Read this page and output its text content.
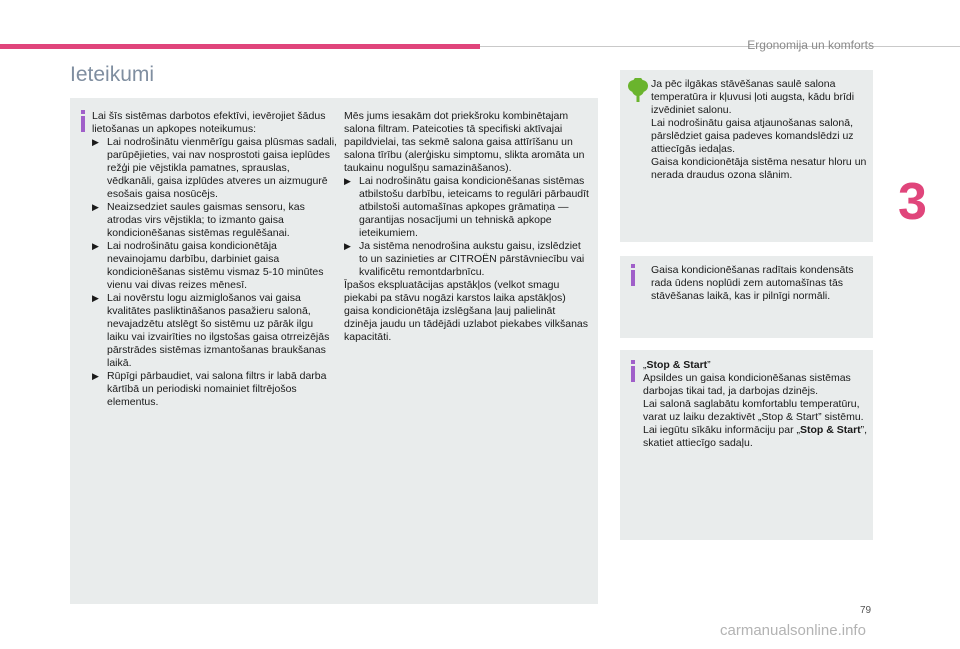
Ergonomija un komforts
Ieteikumi

Lai šīs sistēmas darbotos efektīvi, ievērojiet šādus lietošanas un apkopes noteikumus:

▶ Lai nodrošinātu vienmērīgu gaisa plūsmas sadali, parūpējieties, vai nav nosprostoti gaisa ieplūdes režģi pie vējstikla pamatnes, sprauslas, vēdkanāli, gaisa izplūdes atveres un aizmugurē esošais gaisa nosūcējs.
▶ Neaizsedziet saules gaismas sensoru, kas atrodas virs vējstikla; to izmanto gaisa kondicionēšanas sistēmas regulēšanai.
▶ Lai nodrošinātu gaisa kondicionētāja nevainojamu darbību, darbiniet gaisa kondicionēšanas sistēmu vismaz 5-10 minūtes vienu vai divas reizes mēnesī.
▶ Lai novērstu logu aizmiglošanos vai gaisa kvalitātes pasliktināšanos pasažieru salonā, nevajadzētu atslēgt šo sistēmu uz pārāk ilgu laiku vai izvairīties no ilgstošas gaisa otrreizējās pārstrādes sistēmas izmantošanas braukšanas laikā.
▶ Rūpīgi pārbaudiet, vai salona filtrs ir labā darba kārtībā un periodiski nomainiet filtrējošos elementus.

Mēs jums iesakām dot priekšroku kombinētajam salona filtram. Pateicoties tā specifiski aktīvajai papildvielai, tas sekmē salona gaisa attīrīšanu un salona tīrību (alerģisku simptomu, slikta aromāta un taukainu nogulšņu samazināšanos).

▶ Lai nodrošinātu gaisa kondicionēšanas sistēmas atbilstošu darbību, ieteicams to regulāri pārbaudīt atbilstoši automašīnas apkopes grāmatiņa — garantijas nosacījumi un tehniskā apkope ieteikumiem.
▶ Ja sistēma nenodrošina aukstu gaisu, izslēdziet to un sazinieties ar CITROËN pārstāvniecību vai kvalificētu remontdarbnīcu.

Īpašos ekspluatācijas apstākļos (velkot smagu piekabi pa stāvu nogāzi karstos laika apstākļos) gaisa kondicionētāja izslēgšana ļauj palielināt dzinēja jaudu un tādējādi uzlabot piekabes vilkšanas kapacitāti.

Ja pēc ilgākas stāvēšanas saulē salona temperatūra ir kļuvusi ļoti augsta, kādu brīdi izvēdiniet salonu.

Lai nodrošinātu gaisa atjaunošanas salonā, pārslēdziet gaisa padeves komandslēdzi uz attiecīgās iedaļas.

Gaisa kondicionētāja sistēma nesatur hloru un nerada draudus ozona slānim.

Gaisa kondicionēšanas radītais kondensāts rada ūdens noplūdi zem automašīnas tās stāvēšanas laikā, kas ir pilnīgi normāli.

„Stop & Start”

Apsildes un gaisa kondicionēšanas sistēmas darbojas tikai tad, ja darbojas dzinējs.

Lai salonā saglabātu komfortablu temperatūru, varat uz laiku dezaktivēt „Stop & Start” sistēmu.

Lai iegūtu sīkāku informāciju par „Stop & Start”, skatiet attiecīgo sadaļu.

3
79
carmanualsonline.info
